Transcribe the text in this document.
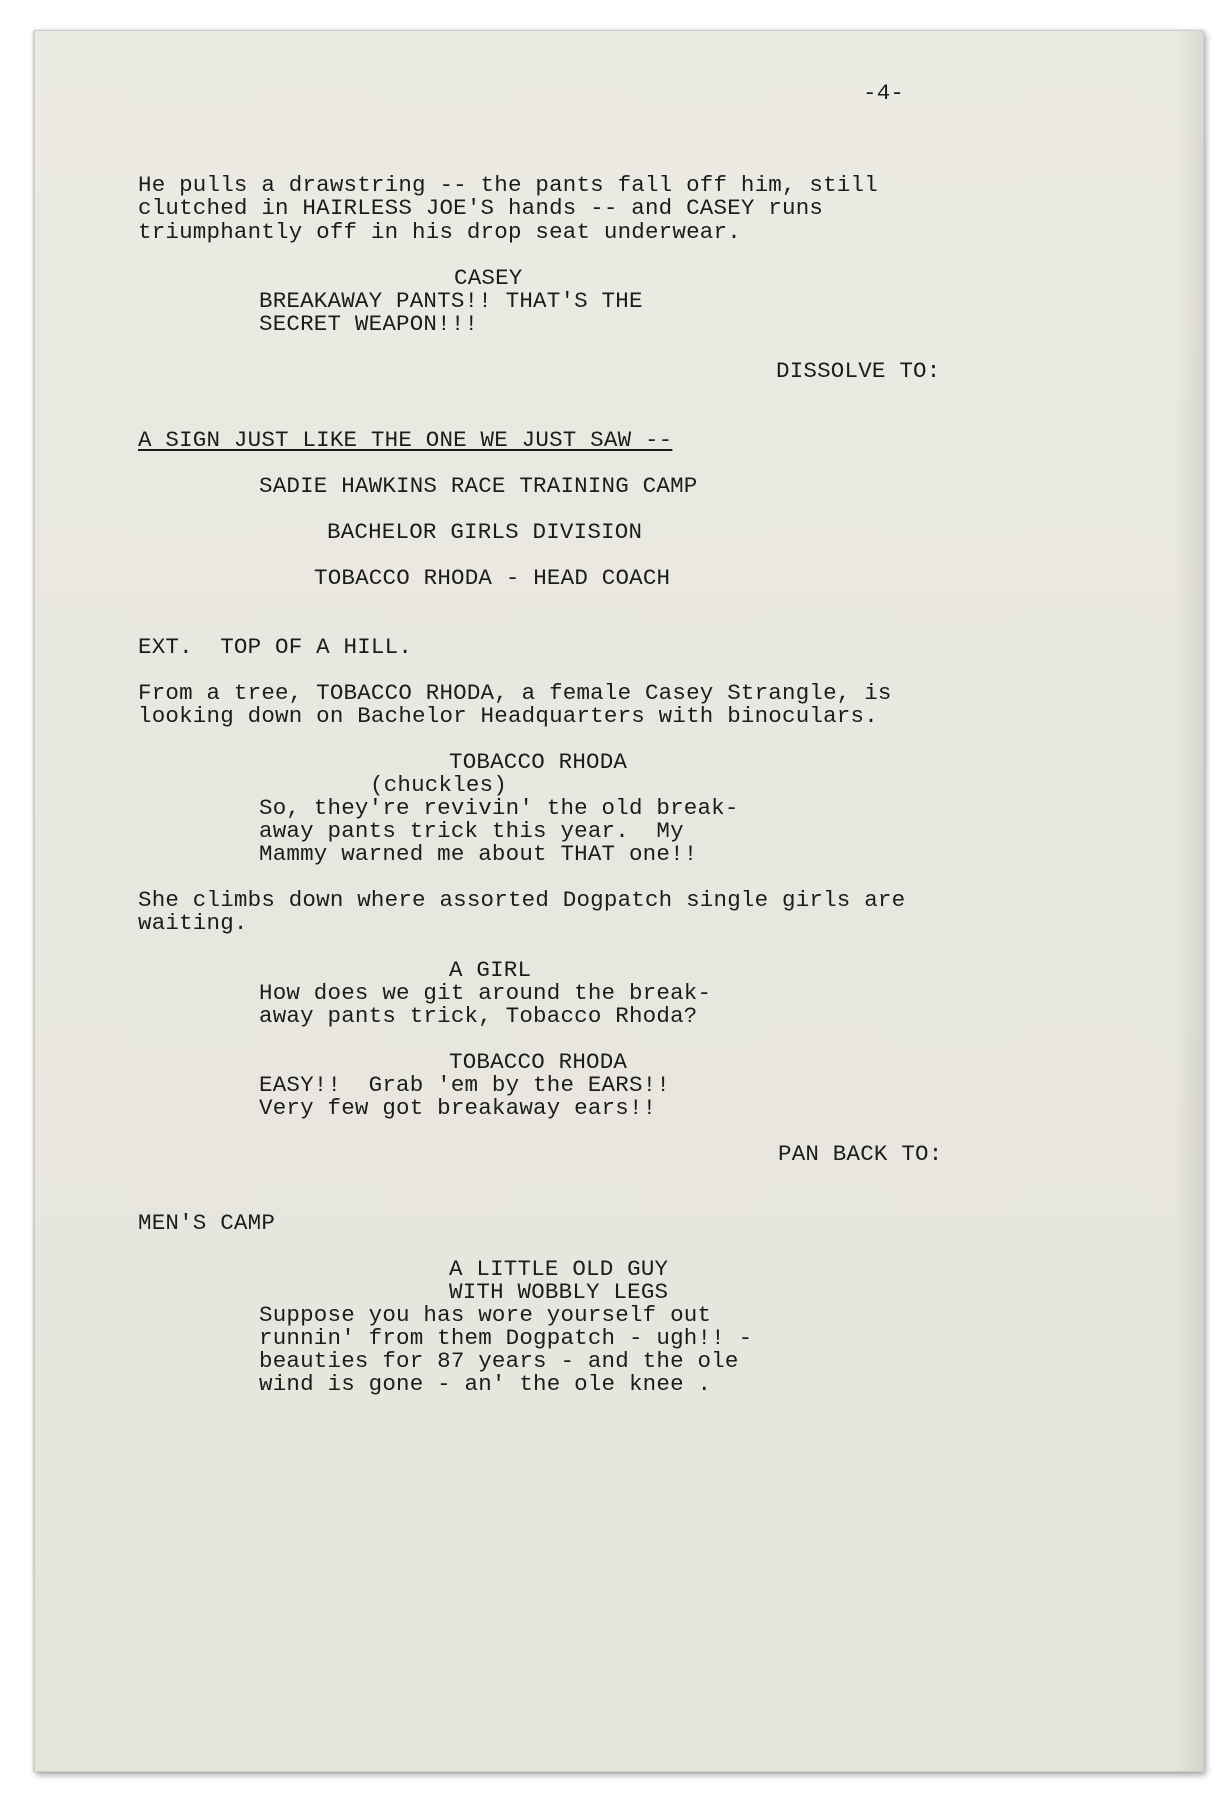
-4-
He pulls a drawstring -- the pants fall off him, still
clutched in HAIRLESS JOE'S hands -- and CASEY runs
triumphantly off in his drop seat underwear.
CASEY
BREAKAWAY PANTS!! THAT'S THE
SECRET WEAPON!!!
DISSOLVE TO:
A SIGN JUST LIKE THE ONE WE JUST SAW --
SADIE HAWKINS RACE TRAINING CAMP
BACHELOR GIRLS DIVISION
TOBACCO RHODA - HEAD COACH
EXT.  TOP OF A HILL.
From a tree, TOBACCO RHODA, a female Casey Strangle, is
looking down on Bachelor Headquarters with binoculars.
TOBACCO RHODA
(chuckles)
So, they're revivin' the old break-
away pants trick this year.  My
Mammy warned me about THAT one!!
She climbs down where assorted Dogpatch single girls are
waiting.
A GIRL
How does we git around the break-
away pants trick, Tobacco Rhoda?
TOBACCO RHODA
EASY!!  Grab 'em by the EARS!!
Very few got breakaway ears!!
PAN BACK TO:
MEN'S CAMP
A LITTLE OLD GUY
WITH WOBBLY LEGS
Suppose you has wore yourself out
runnin' from them Dogpatch - ugh!! -
beauties for 87 years - and the ole
wind is gone - an' the ole knee .
